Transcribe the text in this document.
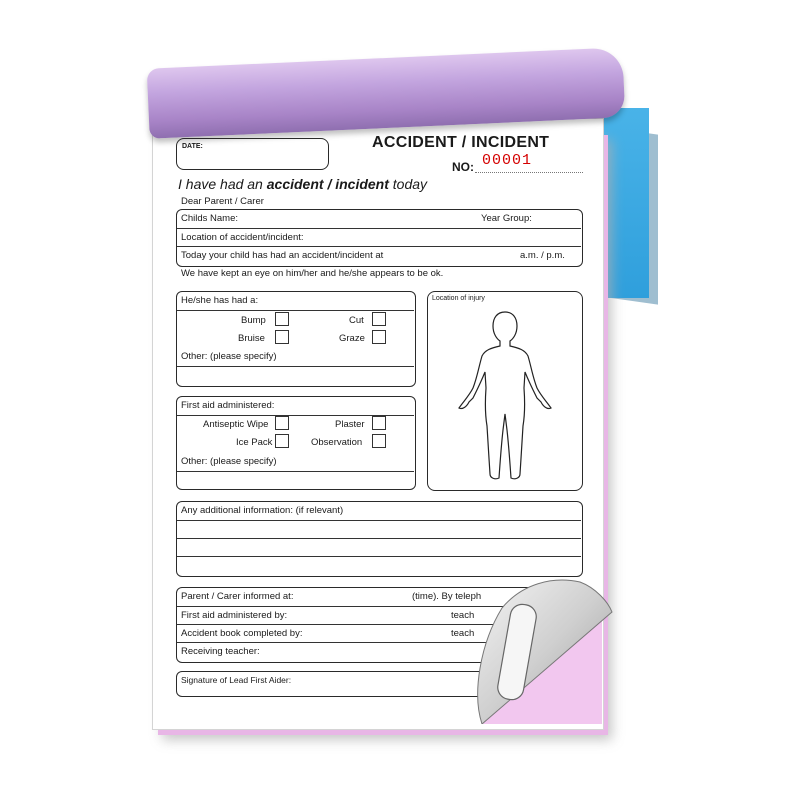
DATE:	ACCIDENT / INCIDENT
NO: 00001
I have had an accident / incident today
Dear Parent / Carer
Childs Name:	Year Group:
Location of accident/incident:
Today your child has had an accident/incident at	a.m. / p.m.
We have kept an eye on him/her and he/she appears to be ok.
He/she has had a:
Bump	Cut
Bruise	Graze
Other: (please specify)
Location of injury
First aid administered:
Antiseptic Wipe	Plaster
Ice Pack	Observation
Other: (please specify)
Any additional information: (if relevant)
Parent / Carer informed at:	(time). By teleph
First aid administered by:	teach
Accident book completed by:	teach
Receiving teacher:
Signature of Lead First Aider:
